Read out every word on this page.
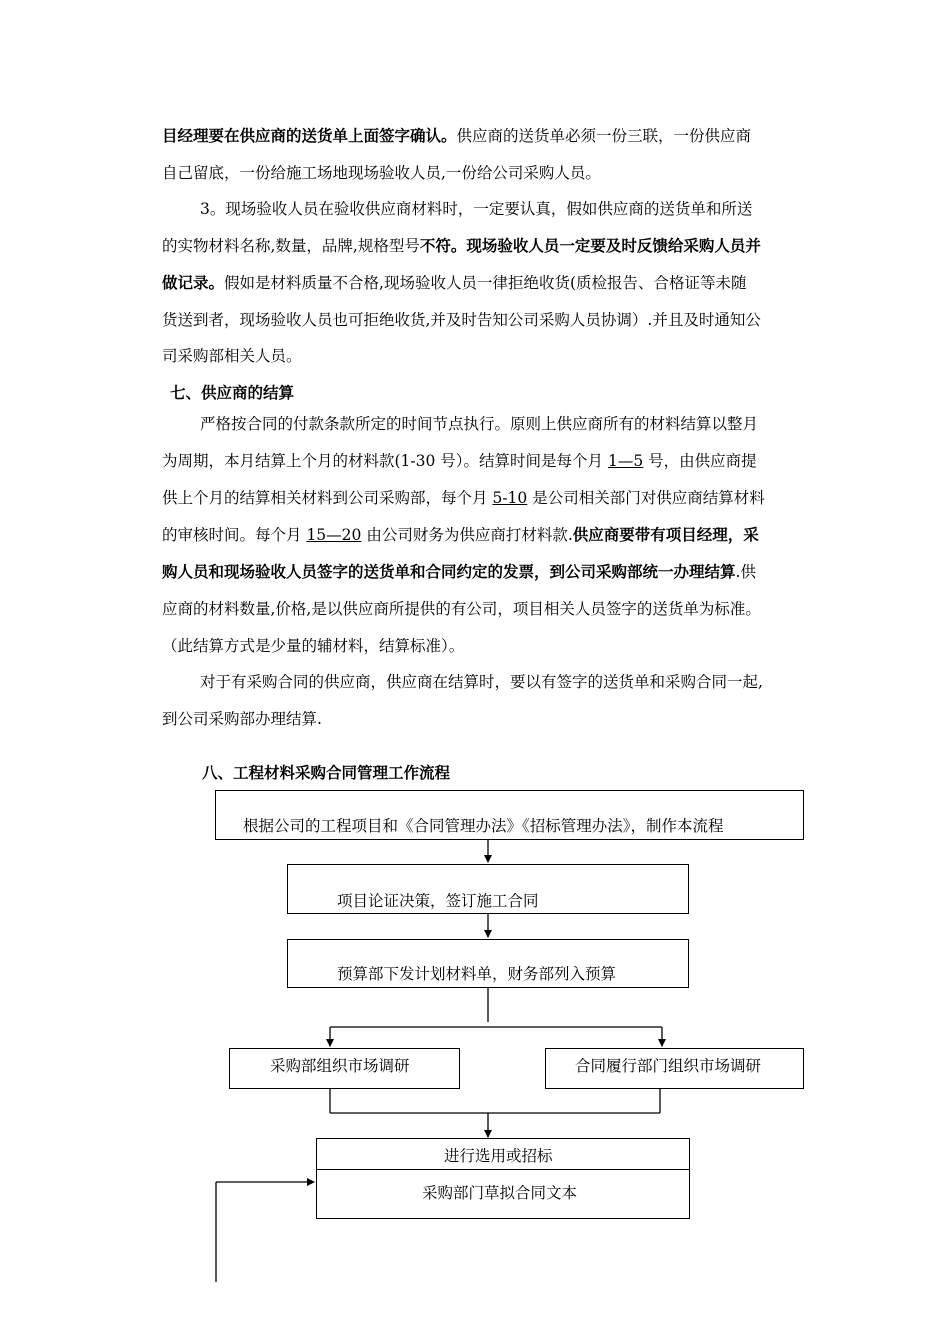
目经理要在供应商的送货单上面签字确认。供应商的送货单必须一份三联，一份供应商
自己留底，一份给施工场地现场验收人员,一份给公司采购人员。
3。现场验收人员在验收供应商材料时，一定要认真，假如供应商的送货单和所送
的实物材料名称,数量，品牌,规格型号不符。现场验收人员一定要及时反馈给采购人员并
做记录。假如是材料质量不合格,现场验收人员一律拒绝收货(质检报告、合格证等未随
货送到者，现场验收人员也可拒绝收货,并及时告知公司采购人员协调）.并且及时通知公
司采购部相关人员。
七、供应商的结算
严格按合同的付款条款所定的时间节点执行。原则上供应商所有的材料结算以整月
为周期，本月结算上个月的材料款(1-30 号）。结算时间是每个月 1—5 号，由供应商提
供上个月的结算相关材料到公司采购部，每个月 5-10 是公司相关部门对供应商结算材料
的审核时间。每个月 15—20 由公司财务为供应商打材料款.供应商要带有项目经理，采
购人员和现场验收人员签字的送货单和合同约定的发票，到公司采购部统一办理结算.供
应商的材料数量,价格,是以供应商所提供的有公司，项目相关人员签字的送货单为标准。
（此结算方式是少量的辅材料，结算标准）。
对于有采购合同的供应商，供应商在结算时，要以有签字的送货单和采购合同一起,
到公司采购部办理结算.
八、工程材料采购合同管理工作流程
根据公司的工程项目和《合同管理办法》《招标管理办法》，制作本流程
项目论证决策，签订施工合同
预算部下发计划材料单，财务部列入预算
采购部组织市场调研	合同履行部门组织市场调研
进行选用或招标
采购部门草拟合同文本
